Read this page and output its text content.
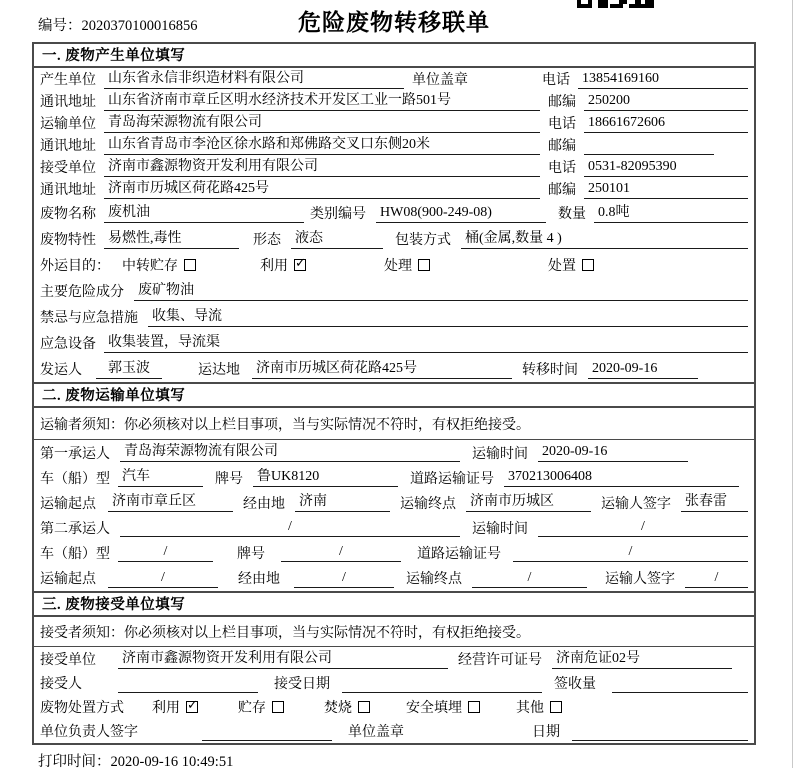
编号：2020370100016856	危险废物转移联单
一. 废物产生单位填写
产生单位 山东省永信非织造材料有限公司	单位盖章	电话 13854169160
通讯地址 山东省济南市章丘区明水经济技术开发区工业一路501号	邮编 250200
运输单位 青岛海荣源物流有限公司	电话 18661672606
通讯地址 山东省青岛市李沧区徐水路和郑佛路交叉口东侧20米	邮编
接受单位 济南市鑫源物资开发利用有限公司	电话 0531-82095390
通讯地址 济南市历城区荷花路425号	邮编 250101
废物名称 废机油	类别编号 HW08(900-249-08)	数量 0.8吨
废物特性 易燃性,毒性	形态 液态	包装方式 桶(金属,数量 4 )
外运目的： 中转贮存	利用 ✓	处理	处置
主要危险成分 废矿物油
禁忌与应急措施 收集、导流
应急设备 收集装置，导流渠
发运人	郭玉波	运达地 济南市历城区荷花路425号	转移时间 2020-09-16
二. 废物运输单位填写
运输者须知：你必须核对以上栏目事项，当与实际情况不符时，有权拒绝接受。
第一承运人 青岛海荣源物流有限公司	运输时间 2020-09-16
车（船）型 汽车	牌号 鲁UK8120	道路运输证号 370213006408
运输起点 济南市章丘区	经由地 济南	运输终点 济南市历城区	运输人签字 张春雷
第二承运人	/	运输时间	/
车（船）型	/	牌号	/	道路运输证号	/
运输起点	/	经由地	/	运输终点	/	运输人签字	/
三. 废物接受单位填写
接受者须知：你必须核对以上栏目事项，当与实际情况不符时，有权拒绝接受。
接受单位 济南市鑫源物资开发利用有限公司	经营许可证号 济南危证02号
接受人	接受日期	签收量
废物处置方式 利用 ✓	贮存	焚烧	安全填埋	其他
单位负责人签字	单位盖章	日期
打印时间：2020-09-16 10:49:51
